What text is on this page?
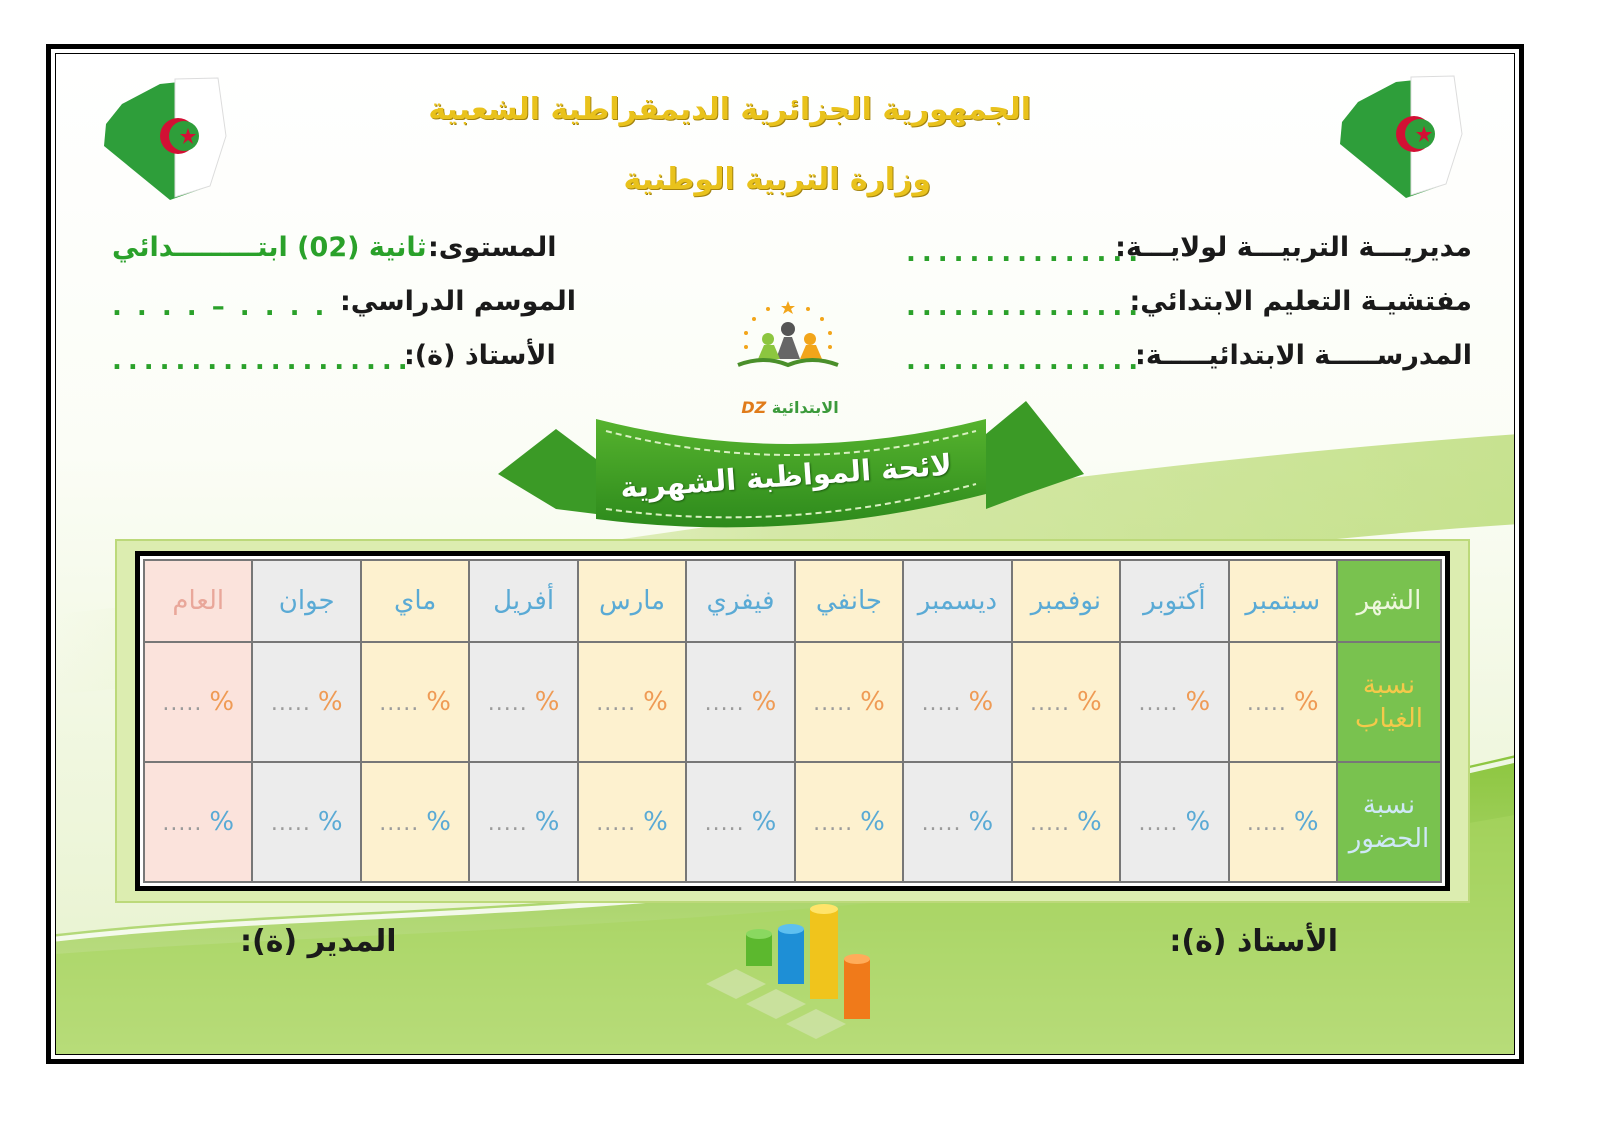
الجمهورية الجزائرية الديمقراطية الشعبية
وزارة التربية الوطنية
مديريـــة التربيـــة لولايـــة:
...............
مفتشيـة التعليم الابتدائي:
...............
المدرســـــة الابتدائيـــــة:
...............
المستوى:
ثانية (02) ابتـــــــــدائي
الموسم الدراسي:
. . . . – . . . .
الأستاذ (ة):
...................
DZ الابتدائية
لائحة المواظبة الشهرية
الشهر	سبتمبر	أكتوبر	نوفمبر	ديسمبر	جانفي	فيفري	مارس	أفريل	ماي	جوان	العام
نسبة
الغياب	% .....	% .....	% .....	% .....	% .....	% .....	% .....	% .....	% .....	% .....	% .....
نسبة
الحضور	% .....	% .....	% .....	% .....	% .....	% .....	% .....	% .....	% .....	% .....	% .....
الأستاذ (ة):
المدير (ة):
